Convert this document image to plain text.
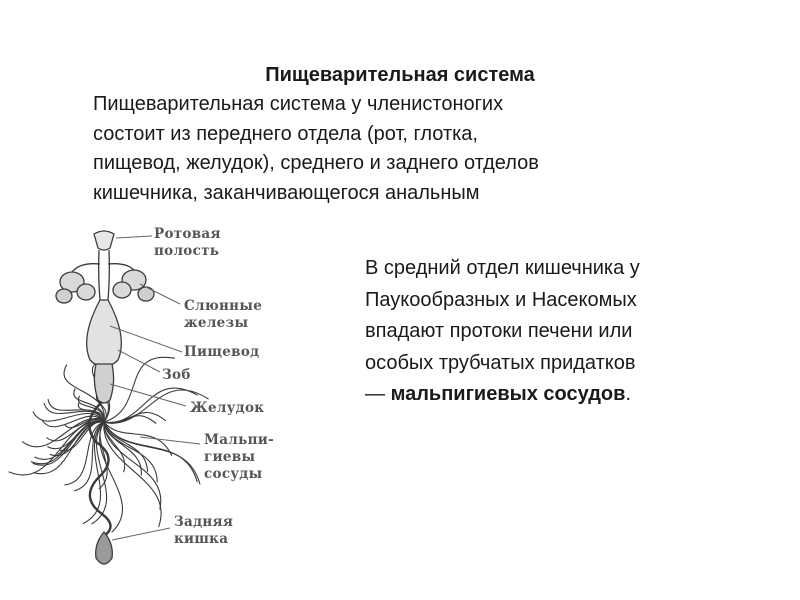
Пищеварительная система
Пищеварительная система у членистоногих
состоит из переднего отдела (рот, глотка,
пищевод, желудок), среднего и заднего отделов
кишечника, заканчивающегося анальным
В средний отдел кишечника у
Паукообразных и Насекомых
впадают протоки печени или
особых трубчатых придатков
— мальпигиевых сосудов.
Ротовая полость
Слюнные железы
Пищевод
Зоб
Желудок
Мальпи-гиевы сосуды
Задняя кишка
